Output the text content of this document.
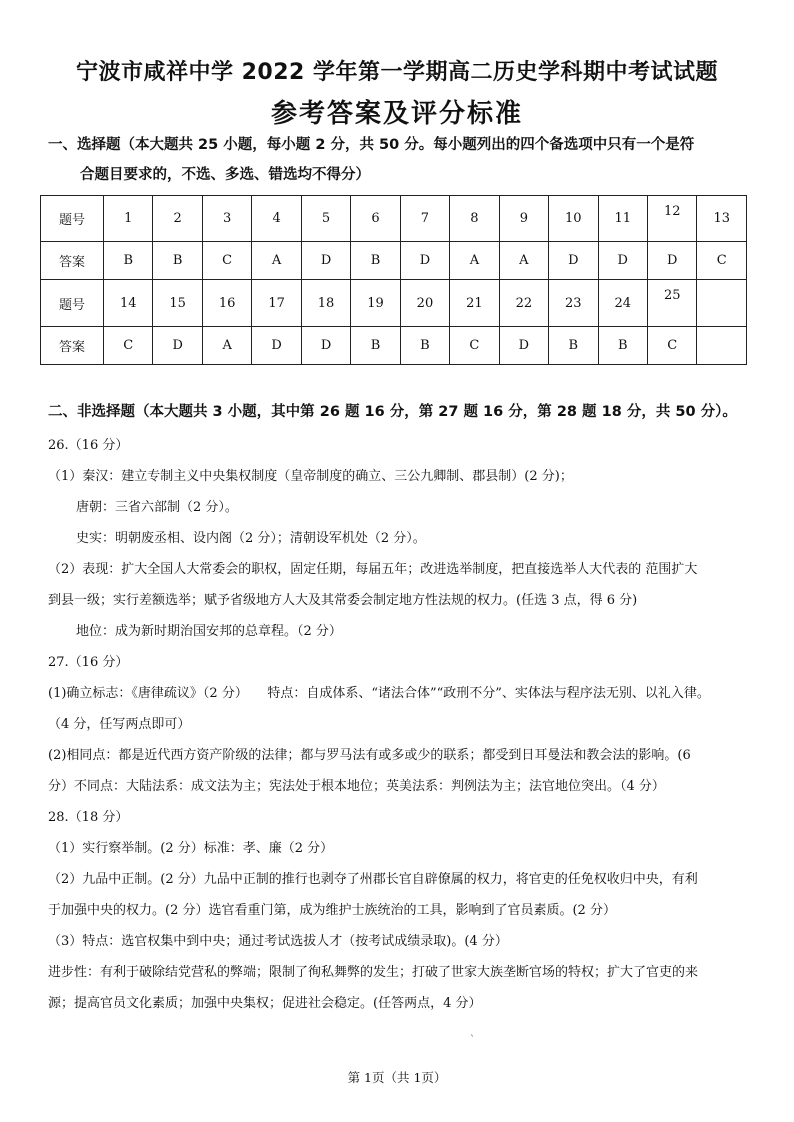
宁波市咸祥中学 2022 学年第一学期高二历史学科期中考试试题
参考答案及评分标准
一、选择题（本大题共 25 小题，每小题 2 分，共 50 分。每小题列出的四个备选项中只有一个是符
合题目要求的，不选、多选、错选均不得分）
题号	1	2	3	4	5	6	7	8	9	10	11	12	13
答案	B	B	C	A	D	B	D	A	A	D	D	D	C
题号	14	15	16	17	18	19	20	21	22	23	24	25	
答案	C	D	A	D	D	B	B	C	D	B	B	C	
二、非选择题（本大题共 3 小题，其中第 26 题 16 分，第 27 题 16 分，第 28 题 18 分，共 50 分）。
26.（16 分）
（1）秦汉：建立专制主义中央集权制度（皇帝制度的确立、三公九卿制、郡县制）(2 分)；
唐朝：三省六部制（2 分）。
史实：明朝废丞相、设内阁（2 分）；清朝设军机处（2 分）。
（2）表现：扩大全国人大常委会的职权，固定任期，每届五年；改进选举制度，把直接选举人大代表的 范围扩大
到县一级；实行差额选举；赋予省级地方人大及其常委会制定地方性法规的权力。(任选 3 点，得 6 分)
地位：成为新时期治国安邦的总章程。（2 分）
27.（16 分）
(1)确立标志：《唐律疏议》（2 分）　　特点：自成体系、“诸法合体”“政刑不分”、实体法与程序法无别、以礼入律。
（4 分，任写两点即可）
(2)相同点：都是近代西方资产阶级的法律；都与罗马法有或多或少的联系；都受到日耳曼法和教会法的影响。(6
分）不同点：大陆法系：成文法为主；宪法处于根本地位；英美法系：判例法为主；法官地位突出。（4 分）
28.（18 分）
（1）实行察举制。(2 分）标准：孝、廉（2 分）
（2）九品中正制。(2 分）九品中正制的推行也剥夺了州郡长官自辟僚属的权力，将官吏的任免权收归中央，有利
于加强中央的权力。(2 分）选官看重门第，成为维护士族统治的工具，影响到了官员素质。(2 分）
（3）特点：选官权集中到中央；通过考试选拔人才（按考试成绩录取)。(4 分）
进步性：有利于破除结党营私的弊端；限制了徇私舞弊的发生；打破了世家大族垄断官场的特权；扩大了官吏的来
源；提高官员文化素质；加强中央集权；促进社会稳定。(任答两点，4 分）
ˋ
第 1页（共 1页）
